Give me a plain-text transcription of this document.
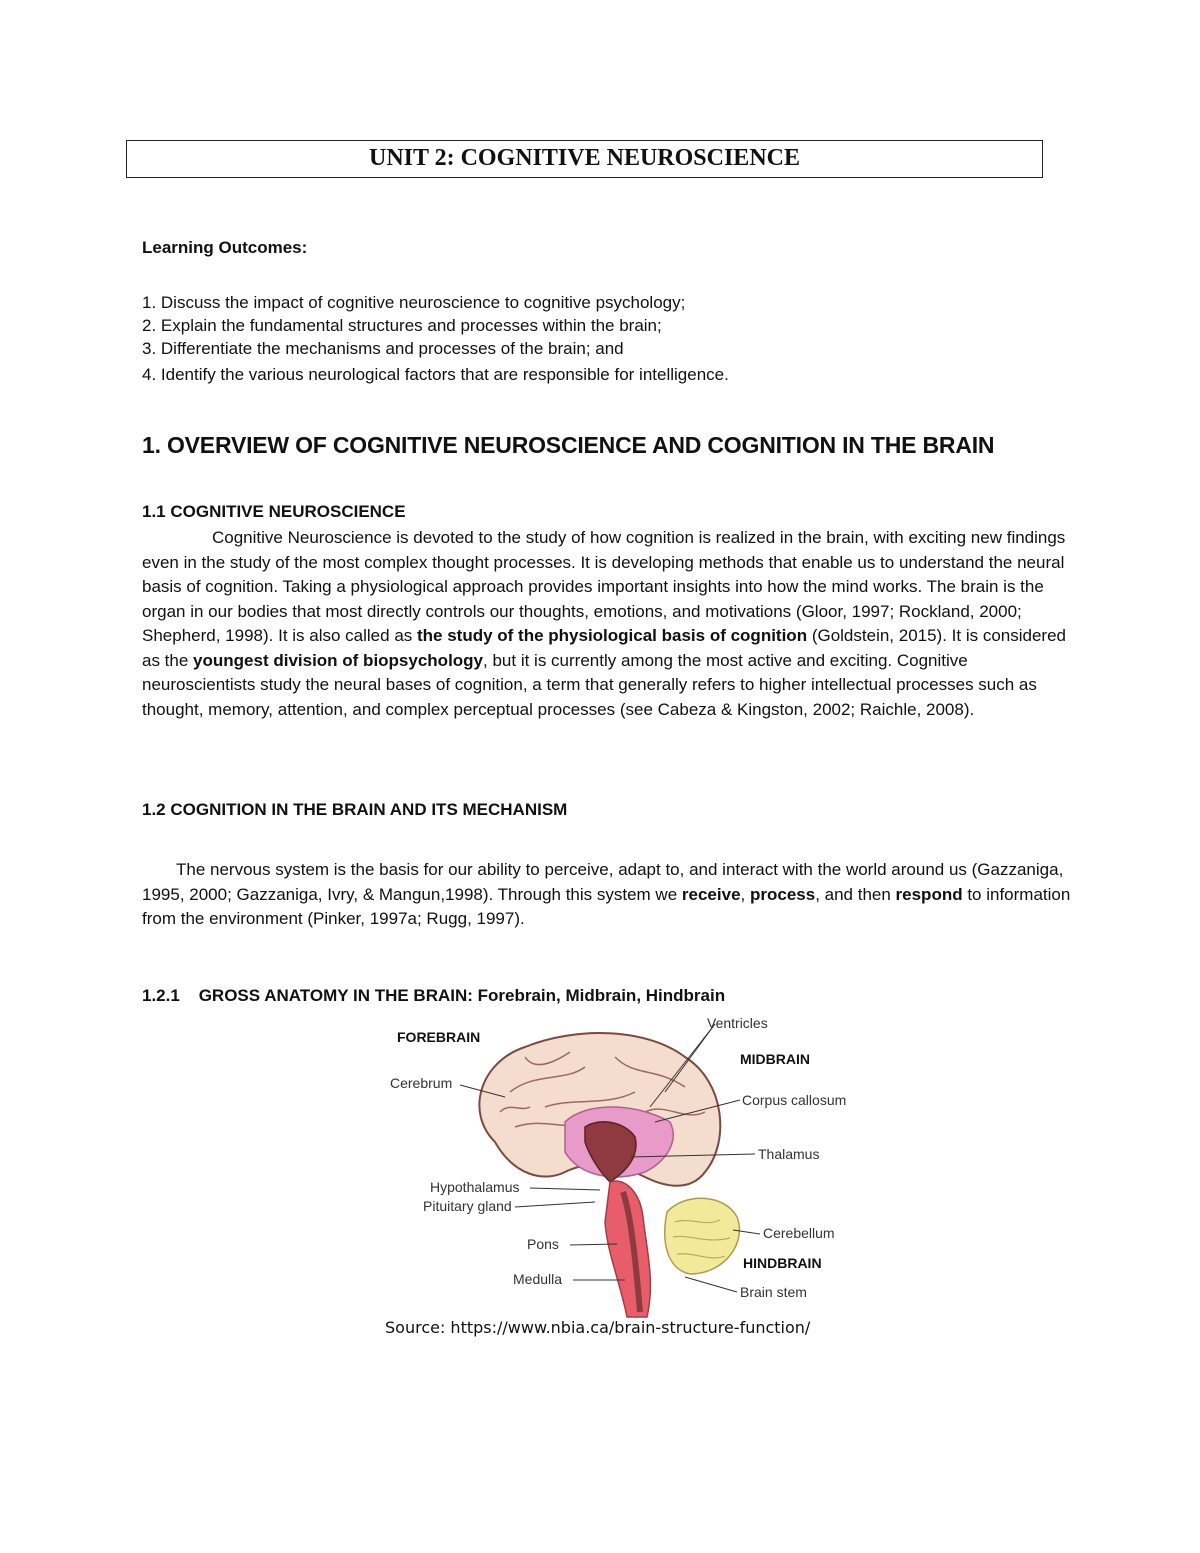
UNIT 2: COGNITIVE NEUROSCIENCE
Learning Outcomes:
1. Discuss the impact of cognitive neuroscience to cognitive psychology;
2. Explain the fundamental structures and processes within the brain;
3. Differentiate the mechanisms and processes of the brain; and
4. Identify the various neurological factors that are responsible for intelligence.
1. OVERVIEW OF COGNITIVE NEUROSCIENCE AND COGNITION IN THE BRAIN
1.1 COGNITIVE NEUROSCIENCE

Cognitive Neuroscience is devoted to the study of how cognition is realized in the brain, with exciting new findings even in the study of the most complex thought processes. It is developing methods that enable us to understand the neural basis of cognition. Taking a physiological approach provides important insights into how the mind works. The brain is the organ in our bodies that most directly controls our thoughts, emotions, and motivations (Gloor, 1997; Rockland, 2000; Shepherd, 1998). It is also called as the study of the physiological basis of cognition (Goldstein, 2015). It is considered as the youngest division of biopsychology, but it is currently among the most active and exciting. Cognitive neuroscientists study the neural bases of cognition, a term that generally refers to higher intellectual processes such as thought, memory, attention, and complex perceptual processes (see Cabeza & Kingston, 2002; Raichle, 2008).

1.2 COGNITION IN THE BRAIN AND ITS MECHANISM

The nervous system is the basis for our ability to perceive, adapt to, and interact with the world around us (Gazzaniga, 1995, 2000; Gazzaniga, Ivry, & Mangun,1998). Through this system we receive, process, and then respond to information from the environment (Pinker, 1997a; Rugg, 1997).

1.2.1    GROSS ANATOMY IN THE BRAIN: Forebrain, Midbrain, Hindbrain
FOREBRAIN
Ventricles
MIDBRAIN
Cerebrum
Corpus callosum
Thalamus
Hypothalamus
Pituitary gland
Cerebellum
Pons
HINDBRAIN
Medulla
Brain stem
Source: https://www.nbia.ca/brain-structure-function/
